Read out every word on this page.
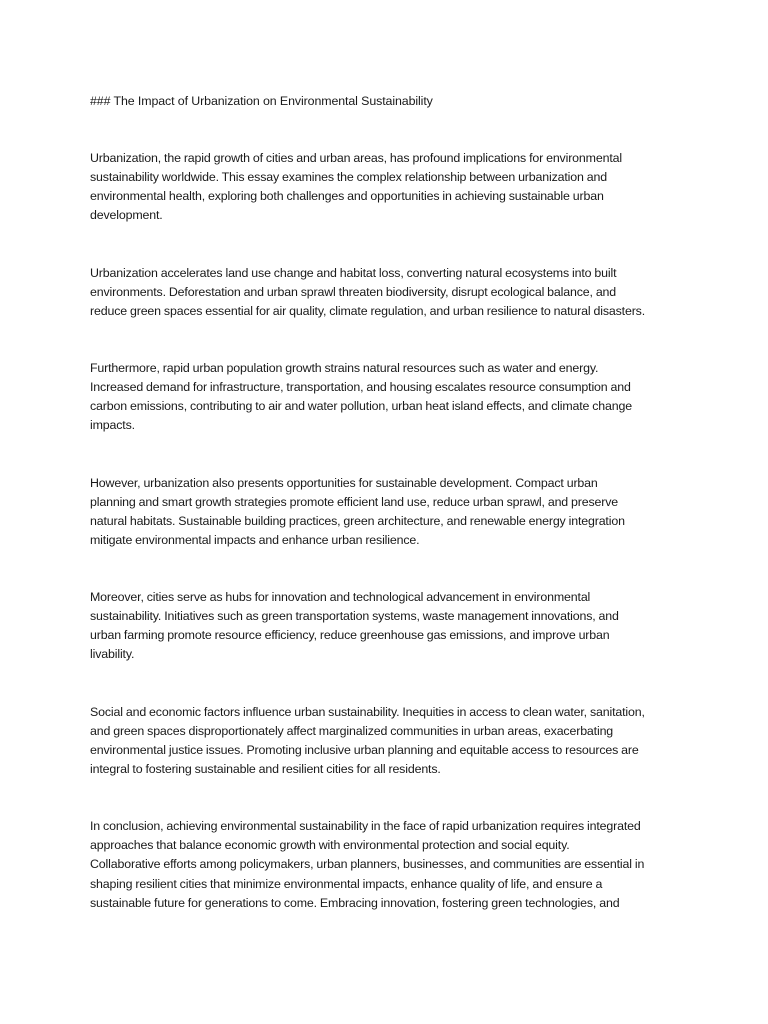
### The Impact of Urbanization on Environmental Sustainability

Urbanization, the rapid growth of cities and urban areas, has profound implications for environmental
sustainability worldwide. This essay examines the complex relationship between urbanization and
environmental health, exploring both challenges and opportunities in achieving sustainable urban
development.

Urbanization accelerates land use change and habitat loss, converting natural ecosystems into built
environments. Deforestation and urban sprawl threaten biodiversity, disrupt ecological balance, and
reduce green spaces essential for air quality, climate regulation, and urban resilience to natural disasters.

Furthermore, rapid urban population growth strains natural resources such as water and energy.
Increased demand for infrastructure, transportation, and housing escalates resource consumption and
carbon emissions, contributing to air and water pollution, urban heat island effects, and climate change
impacts.

However, urbanization also presents opportunities for sustainable development. Compact urban
planning and smart growth strategies promote efficient land use, reduce urban sprawl, and preserve
natural habitats. Sustainable building practices, green architecture, and renewable energy integration
mitigate environmental impacts and enhance urban resilience.

Moreover, cities serve as hubs for innovation and technological advancement in environmental
sustainability. Initiatives such as green transportation systems, waste management innovations, and
urban farming promote resource efficiency, reduce greenhouse gas emissions, and improve urban
livability.

Social and economic factors influence urban sustainability. Inequities in access to clean water, sanitation,
and green spaces disproportionately affect marginalized communities in urban areas, exacerbating
environmental justice issues. Promoting inclusive urban planning and equitable access to resources are
integral to fostering sustainable and resilient cities for all residents.

In conclusion, achieving environmental sustainability in the face of rapid urbanization requires integrated
approaches that balance economic growth with environmental protection and social equity.
Collaborative efforts among policymakers, urban planners, businesses, and communities are essential in
shaping resilient cities that minimize environmental impacts, enhance quality of life, and ensure a
sustainable future for generations to come. Embracing innovation, fostering green technologies, and
